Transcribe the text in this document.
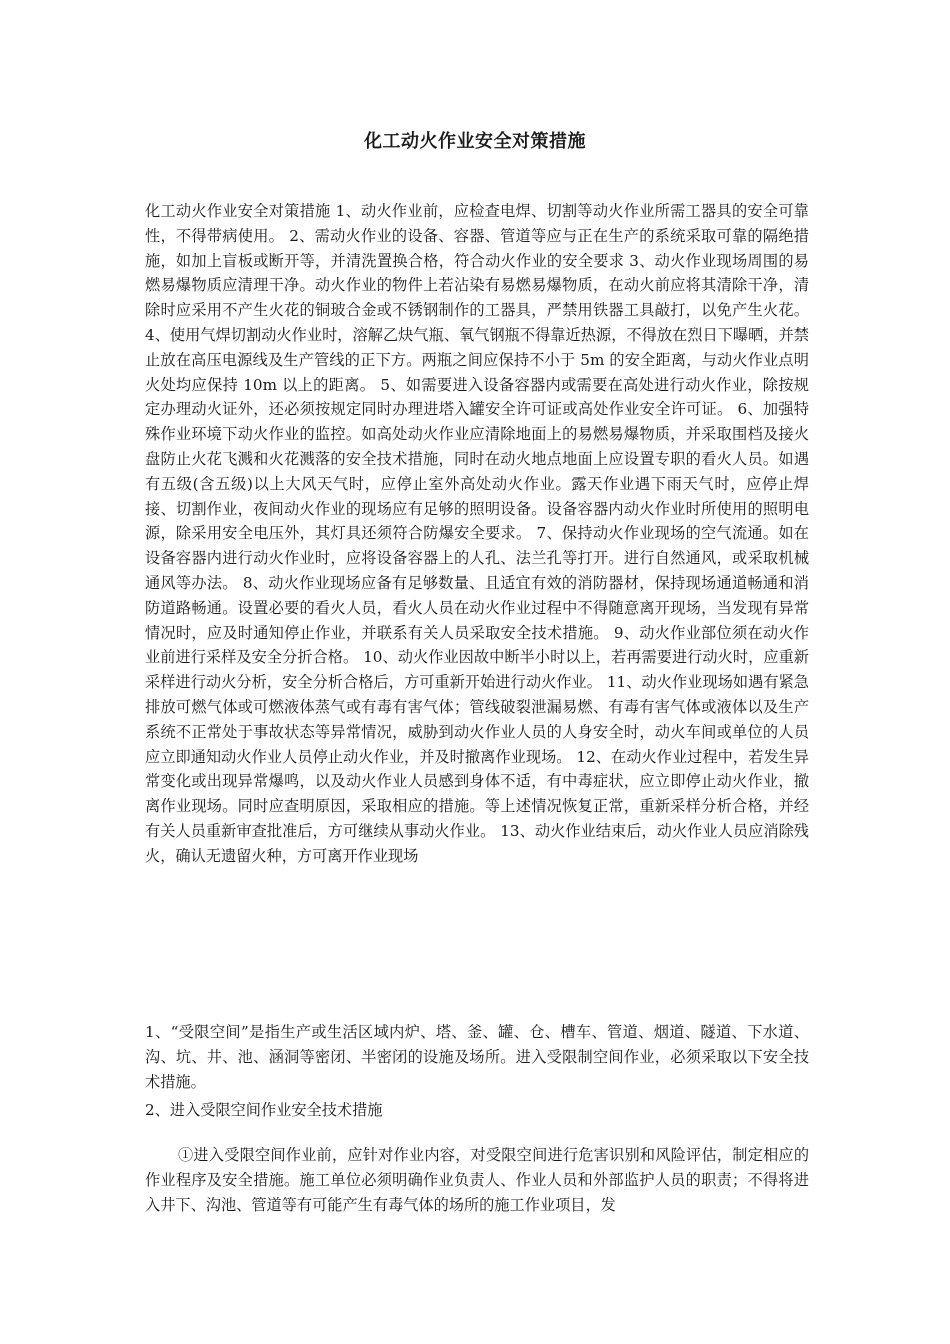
化工动火作业安全对策措施
化工动火作业安全对策措施 1、动火作业前，应检查电焊、切割等动火作业所需工器具的安全可靠性，不得带病使用。 2、需动火作业的设备、容器、管道等应与正在生产的系统采取可靠的隔绝措施，如加上盲板或断开等，并清洗置换合格，符合动火作业的安全要求 3、动火作业现场周围的易燃易爆物质应清理干净。动火作业的物件上若沾染有易燃易爆物质，在动火前应将其清除干净，清除时应采用不产生火花的铜玻合金或不锈钢制作的工器具，严禁用铁器工具敲打，以免产生火花。 4、使用气焊切割动火作业时，溶解乙炔气瓶、氧气钢瓶不得靠近热源，不得放在烈日下曝晒，并禁止放在高压电源线及生产管线的正下方。两瓶之间应保持不小于 5m 的安全距离，与动火作业点明火处均应保持 10m 以上的距离。 5、如需要进入设备容器内或需要在高处进行动火作业，除按规定办理动火证外，还必须按规定同时办理进塔入罐安全许可证或高处作业安全许可证。 6、加强特殊作业环境下动火作业的监控。如高处动火作业应清除地面上的易燃易爆物质，并采取围档及接火盘防止火花飞溅和火花溅落的安全技术措施，同时在动火地点地面上应设置专职的看火人员。如遇有五级(含五级)以上大风天气时，应停止室外高处动火作业。露天作业遇下雨天气时，应停止焊接、切割作业，夜间动火作业的现场应有足够的照明设备。设备容器内动火作业时所使用的照明电源，除采用安全电压外，其灯具还须符合防爆安全要求。 7、保持动火作业现场的空气流通。如在设备容器内进行动火作业时，应将设备容器上的人孔、法兰孔等打开。进行自然通风，或采取机械通风等办法。 8、动火作业现场应备有足够数量、且适宜有效的消防器材，保持现场通道畅通和消防道路畅通。设置必要的看火人员，看火人员在动火作业过程中不得随意离开现场，当发现有异常情况时，应及时通知停止作业，并联系有关人员采取安全技术措施。 9、动火作业部位须在动火作业前进行采样及安全分折合格。 10、动火作业因故中断半小时以上，若再需要进行动火时，应重新采样进行动火分析，安全分析合格后，方可重新开始进行动火作业。 11、动火作业现场如遇有紧急排放可燃气体或可燃液体蒸气或有毒有害气体；管线破裂泄漏易燃、有毒有害气体或液体以及生产系统不正常处于事故状态等异常情况，威胁到动火作业人员的人身安全时，动火车间或单位的人员应立即通知动火作业人员停止动火作业，并及时撤离作业现场。 12、在动火作业过程中，若发生异常变化或出现异常爆鸣，以及动火作业人员感到身体不适，有中毒症状，应立即停止动火作业，撤离作业现场。同时应查明原因，采取相应的措施。等上述情况恢复正常，重新采样分析合格，并经有关人员重新审查批准后，方可继续从事动火作业。 13、动火作业结束后，动火作业人员应消除残火，确认无遗留火种，方可离开作业现场
1、“受限空间”是指生产或生活区域内炉、塔、釜、罐、仓、槽车、管道、烟道、隧道、下水道、沟、坑、井、池、涵洞等密闭、半密闭的设施及场所。进入受限制空间作业，必须采取以下安全技术措施。
2、进入受限空间作业安全技术措施
①进入受限空间作业前，应针对作业内容，对受限空间进行危害识别和风险评估，制定相应的作业程序及安全措施。施工单位必须明确作业负责人、作业人员和外部监护人员的职责；不得将进入井下、沟池、管道等有可能产生有毒气体的场所的施工作业项目，发
